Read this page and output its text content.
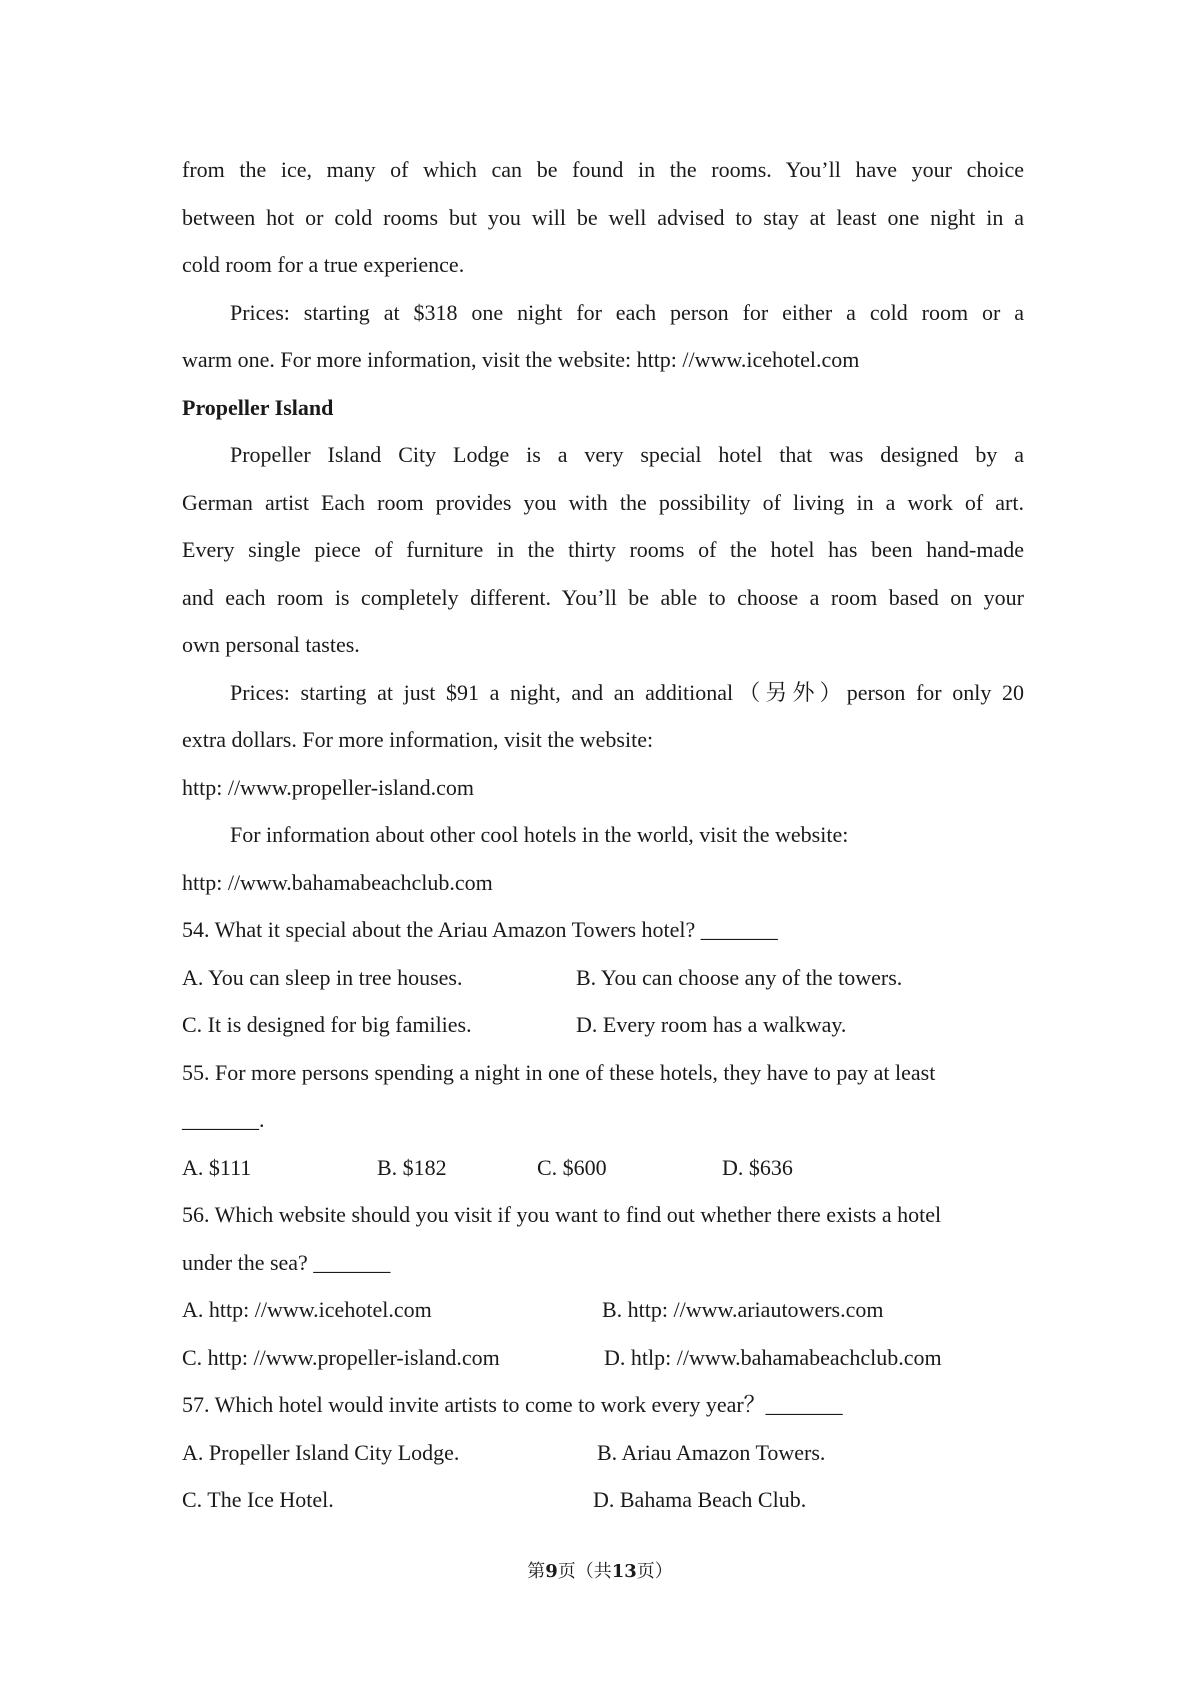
from the ice, many of which can be found in the rooms. You’ll have your choice
between hot or cold rooms but you will be well advised to stay at least one night in a
cold room for a true experience.
Prices: starting at $318 one night for each person for either a cold room or a
warm one. For more information, visit the website: http: //www.icehotel.com
Propeller Island
Propeller Island City Lodge is a very special hotel that was designed by a
German artist Each room provides you with the possibility of living in a work of art.
Every single piece of furniture in the thirty rooms of the hotel has been hand-made
and each room is completely different. You’ll be able to choose a room based on your
own personal tastes.
Prices: starting at just $91 a night, and an additional（另外）person for only 20
extra dollars. For more information, visit the website:
http: //www.propeller-island.com
For information about other cool hotels in the world, visit the website:
http: //www.bahamabeachclub.com
54. What it special about the Ariau Amazon Towers hotel? _______
A. You can sleep in tree houses.	B. You can choose any of the towers.
C. It is designed for big families.	D. Every room has a walkway.
55. For more persons spending a night in one of these hotels, they have to pay at least
_______.
A. $111	B. $182	C. $600	D. $636
56. Which website should you visit if you want to find out whether there exists a hotel
under the sea? _______
A. http: //www.icehotel.com	B. http: //www.ariautowers.com
C. http: //www.propeller-island.com	D. htlp: //www.bahamabeachclub.com
57. Which hotel would invite artists to come to work every year？_______
A. Propeller Island City Lodge.	B. Ariau Amazon Towers.
C. The Ice Hotel.	D. Bahama Beach Club.
第9页（共13页）
